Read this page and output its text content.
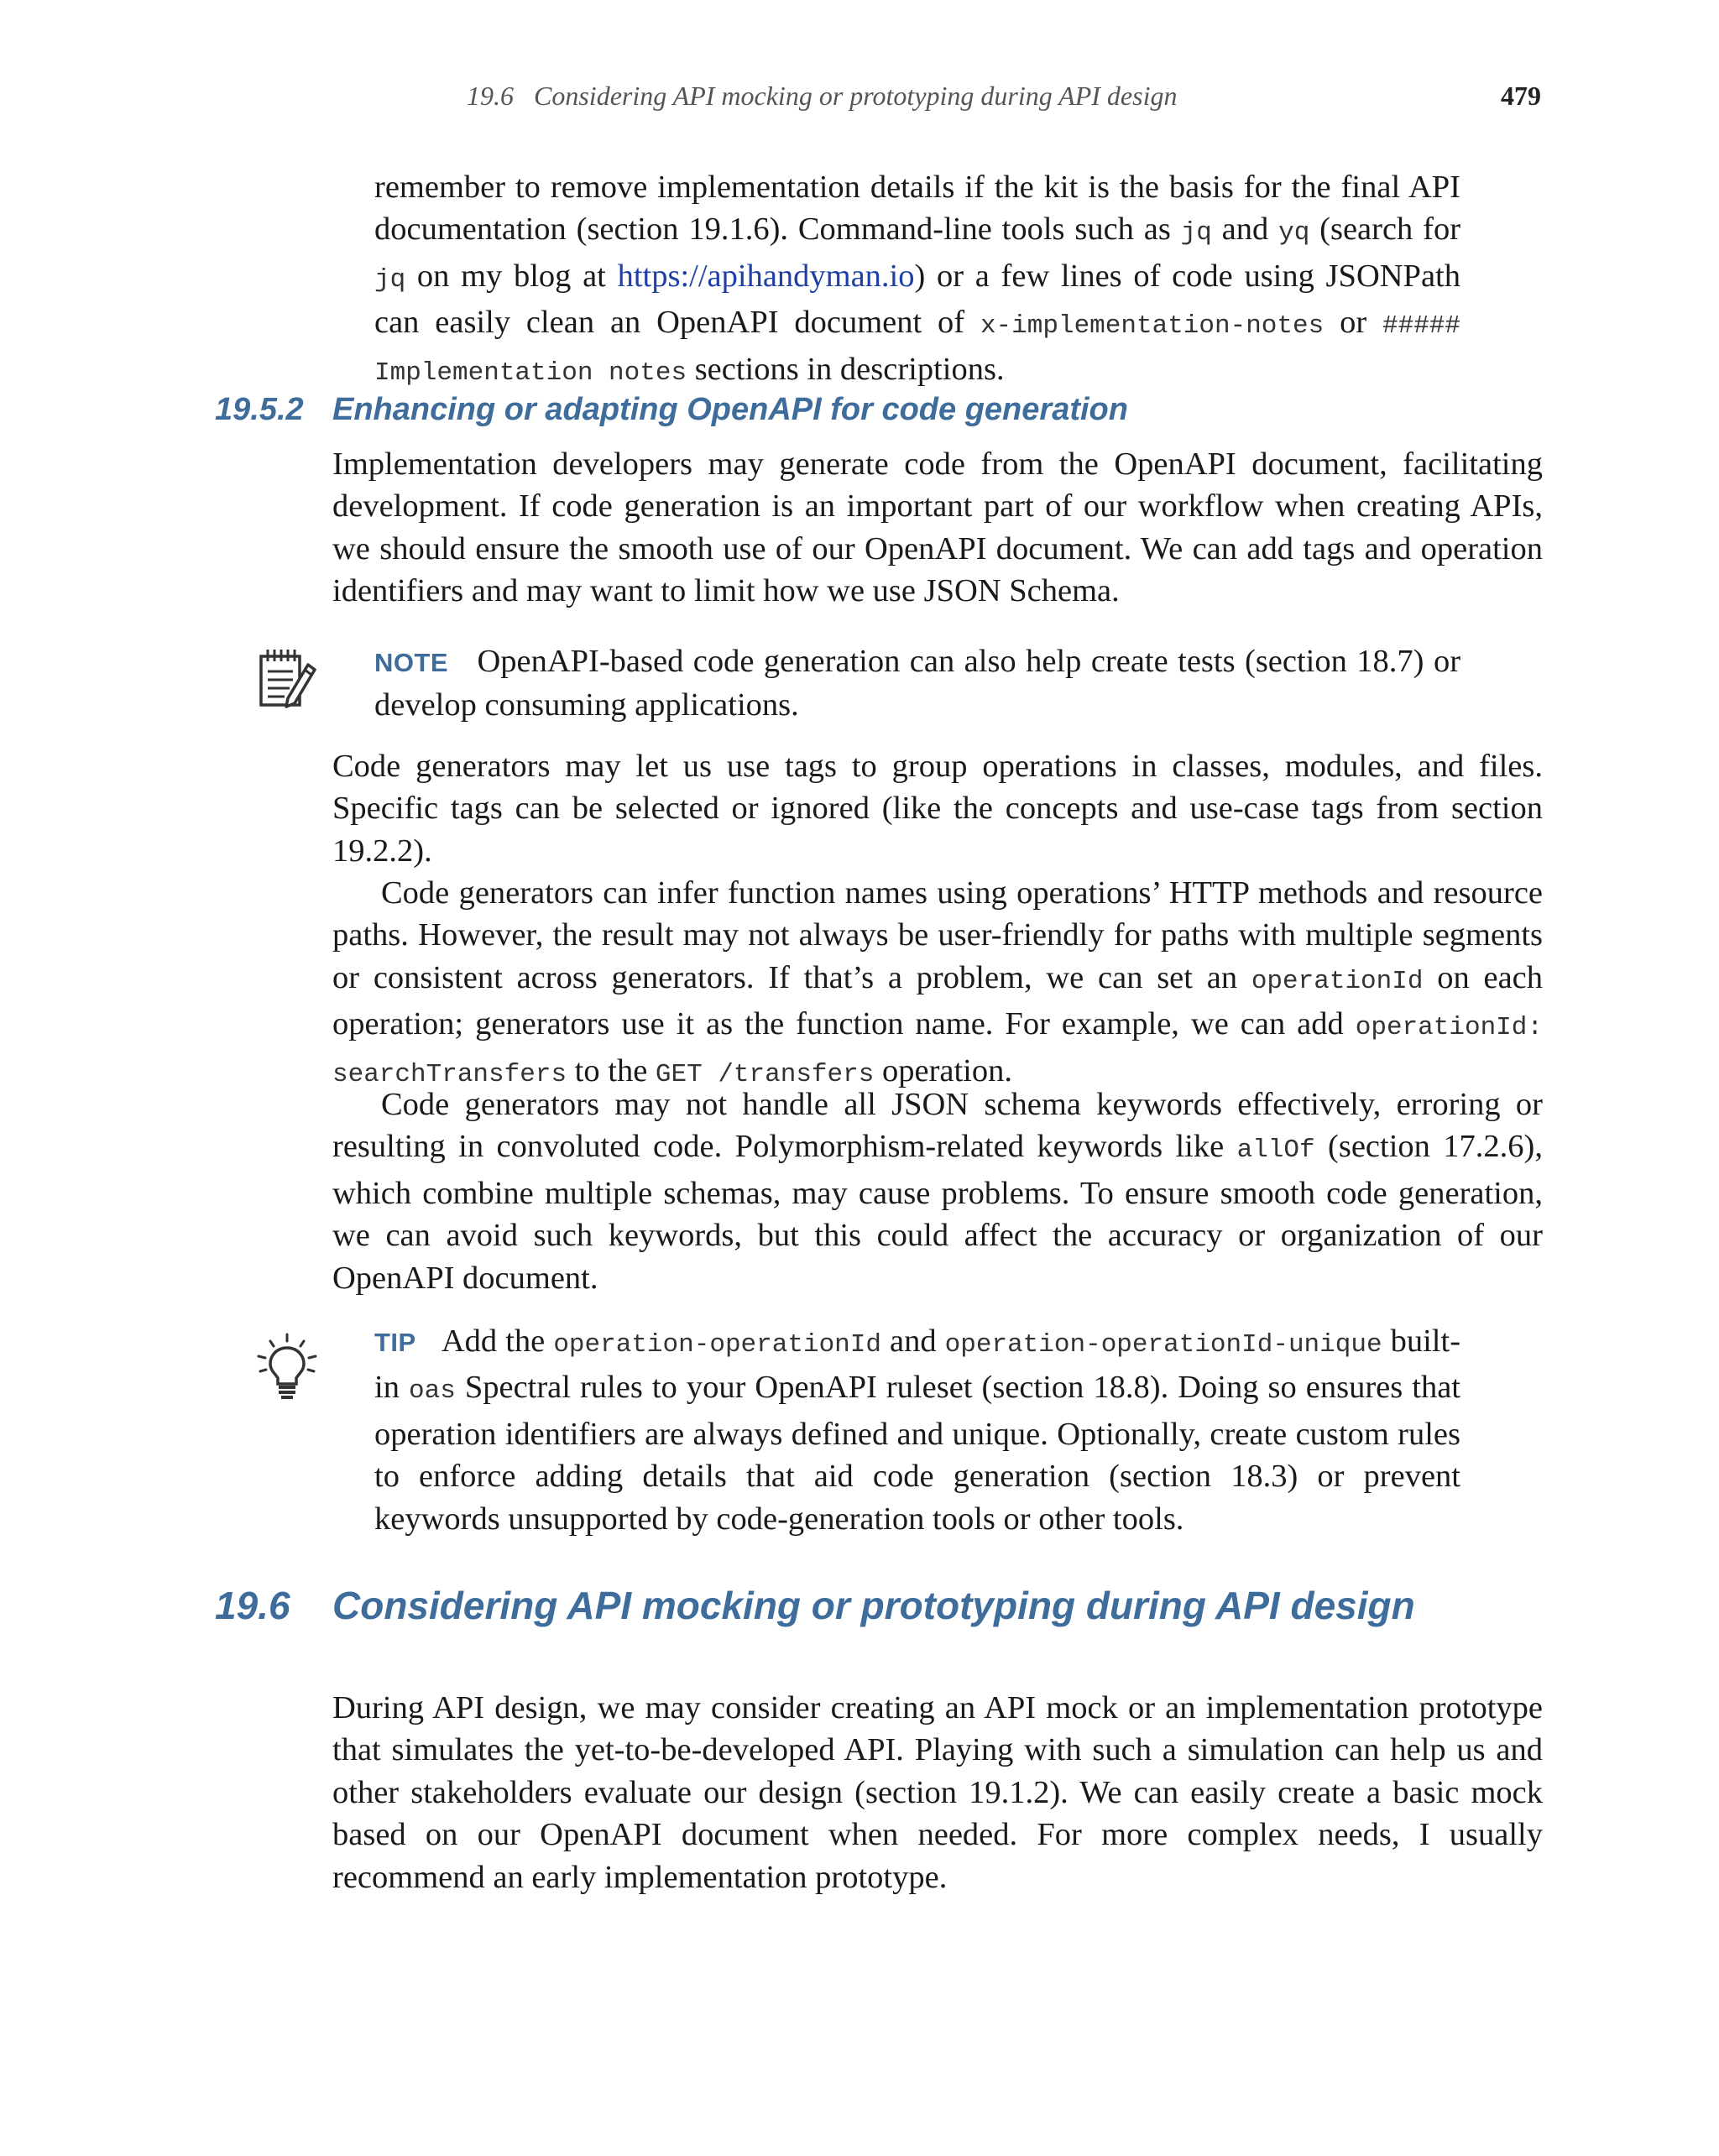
19.6   Considering API mocking or prototyping during API design	479

remember to remove implementation details if the kit is the basis for the final API documentation (section 19.1.6). Command-line tools such as jq and yq (search for jq on my blog at https://apihandyman.io) or a few lines of code using JSONPath can easily clean an OpenAPI document of x-implementation-notes or ##### Implementation notes sections in descriptions.

19.5.2 Enhancing or adapting OpenAPI for code generation

Implementation developers may generate code from the OpenAPI document, facilitating development. If code generation is an important part of our workflow when creating APIs, we should ensure the smooth use of our OpenAPI document. We can add tags and operation identifiers and may want to limit how we use JSON Schema.

NOTE OpenAPI-based code generation can also help create tests (section 18.7) or develop consuming applications.

Code generators may let us use tags to group operations in classes, modules, and files. Specific tags can be selected or ignored (like the concepts and use-case tags from section 19.2.2).

Code generators can infer function names using operations’ HTTP methods and resource paths. However, the result may not always be user-friendly for paths with multiple segments or consistent across generators. If that’s a problem, we can set an operationId on each operation; generators use it as the function name. For example, we can add operationId: searchTransfers to the GET /transfers operation.

Code generators may not handle all JSON schema keywords effectively, erroring or resulting in convoluted code. Polymorphism-related keywords like allOf (section 17.2.6), which combine multiple schemas, may cause problems. To ensure smooth code generation, we can avoid such keywords, but this could affect the accuracy or organization of our OpenAPI document.

TIP Add the operation-operationId and operation-operationId-unique built-in oas Spectral rules to your OpenAPI ruleset (section 18.8). Doing so ensures that operation identifiers are always defined and unique. Optionally, create custom rules to enforce adding details that aid code generation (section 18.3) or prevent keywords unsupported by code-generation tools or other tools.

19.6 Considering API mocking or prototyping during API design

During API design, we may consider creating an API mock or an implementation prototype that simulates the yet-to-be-developed API. Playing with such a simulation can help us and other stakeholders evaluate our design (section 19.1.2). We can easily create a basic mock based on our OpenAPI document when needed. For more complex needs, I usually recommend an early implementation prototype.
